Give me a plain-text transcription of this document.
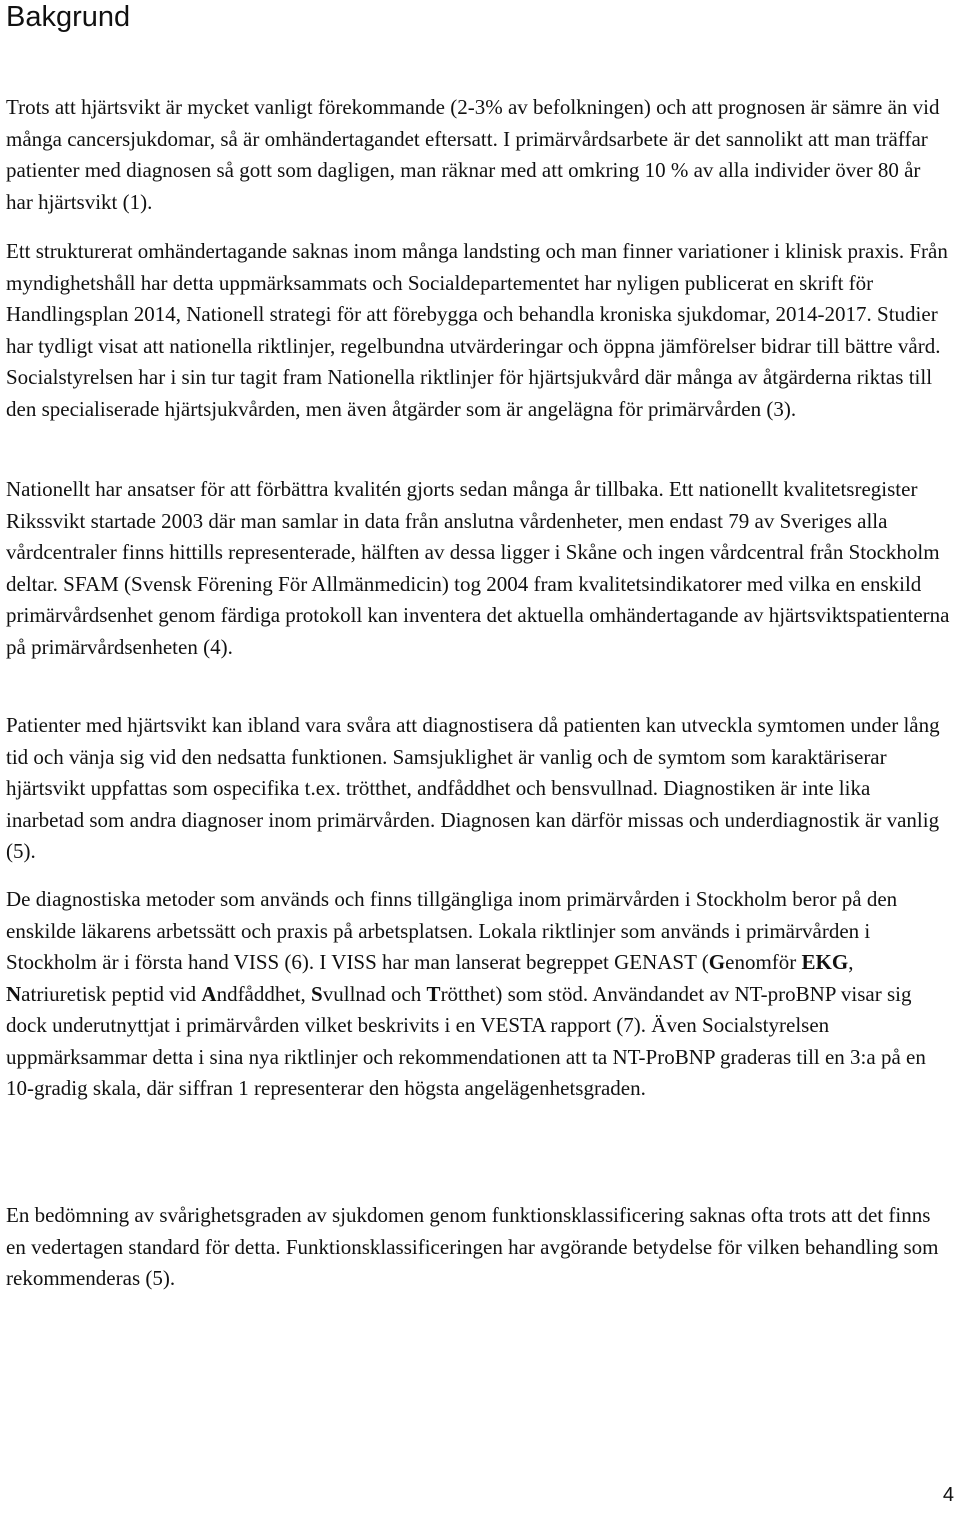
Bakgrund

Trots att hjärtsvikt är mycket vanligt förekommande (2-3% av befolkningen) och att prognosen är sämre än vid många cancersjukdomar, så är omhändertagandet eftersatt. I primärvårdsarbete är det sannolikt att man träffar patienter med diagnosen så gott som dagligen, man räknar med att omkring 10 % av alla individer över 80 år har hjärtsvikt (1).

Ett strukturerat omhändertagande saknas inom många landsting och man finner variationer i klinisk praxis. Från myndighetshåll har detta uppmärksammats och Socialdepartementet har nyligen publicerat en skrift för Handlingsplan 2014, Nationell strategi för att förebygga och behandla kroniska sjukdomar, 2014-2017. Studier har tydligt visat att nationella riktlinjer, regelbundna utvärderingar och öppna jämförelser bidrar till bättre vård. Socialstyrelsen har i sin tur tagit fram Nationella riktlinjer för hjärtsjukvård där många av åtgärderna riktas till den specialiserade hjärtsjukvården, men även åtgärder som är angelägna för primärvården (3).

Nationellt har ansatser för att förbättra kvalitén gjorts sedan många år tillbaka. Ett nationellt kvalitetsregister Rikssvikt startade 2003 där man samlar in data från anslutna vårdenheter, men endast 79 av Sveriges alla vårdcentraler finns hittills representerade, hälften av dessa ligger i Skåne och ingen vårdcentral från Stockholm deltar. SFAM (Svensk Förening För Allmänmedicin) tog 2004 fram kvalitetsindikatorer med vilka en enskild primärvårdsenhet genom färdiga protokoll kan inventera det aktuella omhändertagande av hjärtsviktspatienterna på primärvårdsenheten (4).

Patienter med hjärtsvikt kan ibland vara svåra att diagnostisera då patienten kan utveckla symtomen under lång tid och vänja sig vid den nedsatta funktionen. Samsjuklighet är vanlig och de symtom som karaktäriserar hjärtsvikt uppfattas som ospecifika t.ex. trötthet, andfåddhet och bensvullnad. Diagnostiken är inte lika inarbetad som andra diagnoser inom primärvården. Diagnosen kan därför missas och underdiagnostik är vanlig (5).

De diagnostiska metoder som används och finns tillgängliga inom primärvården i Stockholm beror på den enskilde läkarens arbetssätt och praxis på arbetsplatsen. Lokala riktlinjer som används i primärvården i Stockholm är i första hand VISS (6). I VISS har man lanserat begreppet GENAST (Genomför EKG, Natriuretisk peptid vid Andfåddhet, Svullnad och Trötthet) som stöd. Användandet av NT-proBNP visar sig dock underutnyttjat i primärvården vilket beskrivits i en VESTA rapport (7). Även Socialstyrelsen uppmärksammar detta i sina nya riktlinjer och rekommendationen att ta NT-ProBNP graderas till en 3:a på en 10-gradig skala, där siffran 1 representerar den högsta angelägenhetsgraden.

En bedömning av svårighetsgraden av sjukdomen genom funktionsklassificering saknas ofta trots att det finns en vedertagen standard för detta. Funktionsklassificeringen har avgörande betydelse för vilken behandling som rekommenderas (5).

4
